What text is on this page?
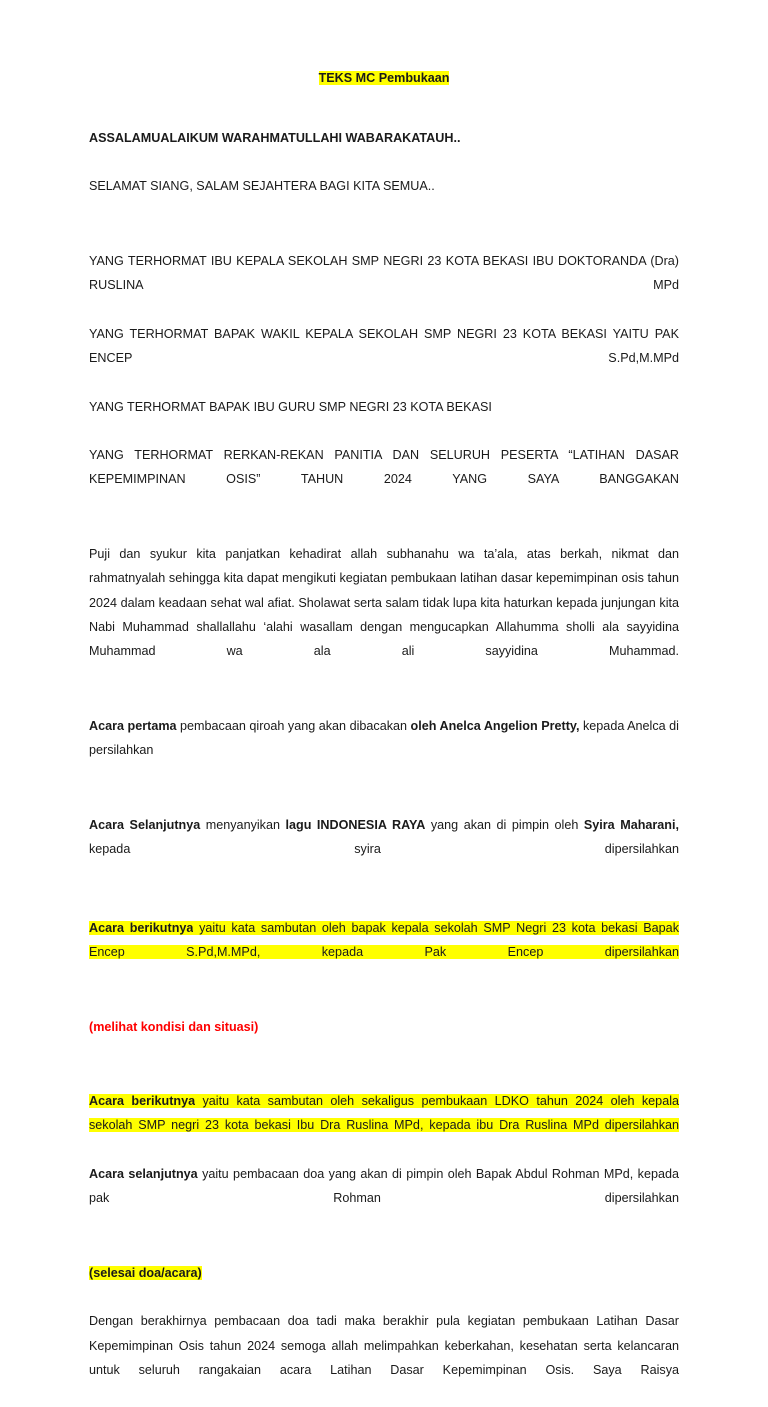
TEKS MC Pembukaan

ASSALAMUALAIKUM WARAHMATULLAHI WABARAKATAUH..

SELAMAT SIANG, SALAM SEJAHTERA BAGI KITA SEMUA..

YANG TERHORMAT IBU KEPALA SEKOLAH SMP NEGRI 23 KOTA BEKASI IBU DOKTORANDA (Dra) RUSLINA MPd

YANG TERHORMAT BAPAK WAKIL KEPALA SEKOLAH SMP NEGRI 23 KOTA BEKASI YAITU PAK ENCEP S.Pd,M.MPd

YANG TERHORMAT BAPAK IBU GURU SMP NEGRI 23 KOTA BEKASI

YANG TERHORMAT RERKAN-REKAN PANITIA DAN SELURUH PESERTA “LATIHAN DASAR KEPEMIMPINAN OSIS” TAHUN 2024 YANG SAYA BANGGAKAN

Puji dan syukur kita panjatkan kehadirat allah subhanahu wa ta’ala, atas berkah, nikmat dan rahmatnyalah sehingga kita dapat mengikuti kegiatan pembukaan latihan dasar kepemimpinan osis tahun 2024 dalam keadaan sehat wal afiat. Sholawat serta salam tidak lupa kita haturkan kepada junjungan kita Nabi Muhammad shallallahu ‘alahi wasallam dengan mengucapkan Allahumma sholli ala sayyidina Muhammad wa ala ali sayyidina Muhammad.

Acara pertama pembacaan qiroah yang akan dibacakan oleh Anelca Angelion Pretty, kepada Anelca di persilahkan

Acara Selanjutnya menyanyikan lagu INDONESIA RAYA yang akan di pimpin oleh Syira Maharani, kepada syira dipersilahkan

Acara berikutnya yaitu kata sambutan oleh bapak kepala sekolah SMP Negri 23 kota bekasi Bapak Encep S.Pd,M.MPd, kepada Pak Encep dipersilahkan

(melihat kondisi dan situasi)

Acara berikutnya yaitu kata sambutan oleh sekaligus pembukaan LDKO tahun 2024 oleh kepala sekolah SMP negri 23 kota bekasi Ibu Dra Ruslina MPd, kepada ibu Dra Ruslina MPd dipersilahkan

Acara selanjutnya yaitu pembacaan doa yang akan di pimpin oleh Bapak Abdul Rohman MPd, kepada pak Rohman dipersilahkan

(selesai doa/acara)

Dengan berakhirnya pembacaan doa tadi maka berakhir pula kegiatan pembukaan Latihan Dasar Kepemimpinan Osis tahun 2024 semoga allah melimpahkan keberkahan, kesehatan serta kelancaran untuk seluruh rangakaian acara Latihan Dasar Kepemimpinan Osis. Saya Raisya
